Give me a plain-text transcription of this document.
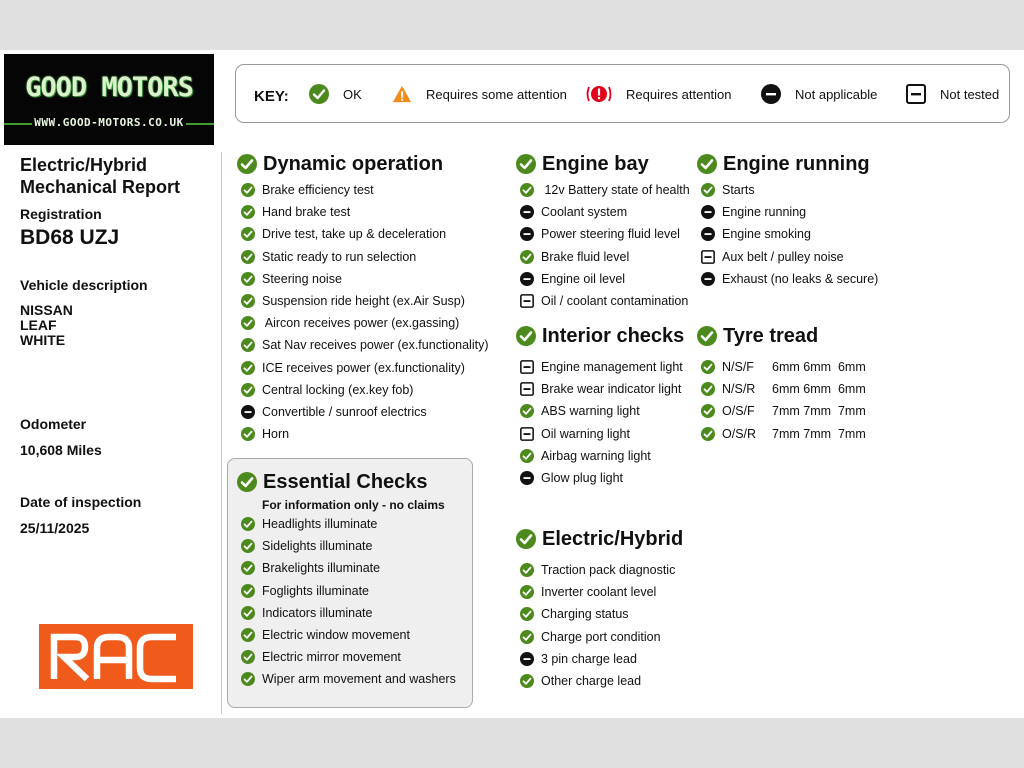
GOOD MOTORS
WWW.GOOD-MOTORS.CO.UK
KEY:	OK	Requires some attention	Requires attention	Not applicable	Not tested
Electric/Hybrid
Mechanical Report
Registration
BD68 UZJ
Vehicle description
NISSAN
LEAF
WHITE
Odometer
10,608 Miles
Date of inspection
25/11/2025
Dynamic operation
Brake efficiency test
Hand brake test
Drive test, take up & deceleration
Static ready to run selection
Steering noise
Suspension ride height (ex.Air Susp)
Aircon receives power (ex.gassing)
Sat Nav receives power (ex.functionality)
ICE receives power (ex.functionality)
Central locking (ex.key fob)
Convertible / sunroof electrics
Horn
Essential Checks
For information only - no claims
Headlights illuminate
Sidelights illuminate
Brakelights illuminate
Foglights illuminate
Indicators illuminate
Electric window movement
Electric mirror movement
Wiper arm movement and washers
Engine bay
12v Battery state of health
Coolant system
Power steering fluid level
Brake fluid level
Engine oil level
Oil / coolant contamination
Interior checks
Engine management light
Brake wear indicator light
ABS warning light
Oil warning light
Airbag warning light
Glow plug light
Electric/Hybrid
Traction pack diagnostic
Inverter coolant level
Charging status
Charge port condition
3 pin charge lead
Other charge lead
Engine running
Starts
Engine running
Engine smoking
Aux belt / pulley noise
Exhaust (no leaks & secure)
Tyre tread
N/S/F	6mm 6mm  6mm
N/S/R	6mm 6mm  6mm
O/S/F	7mm 7mm  7mm
O/S/R	7mm 7mm  7mm
